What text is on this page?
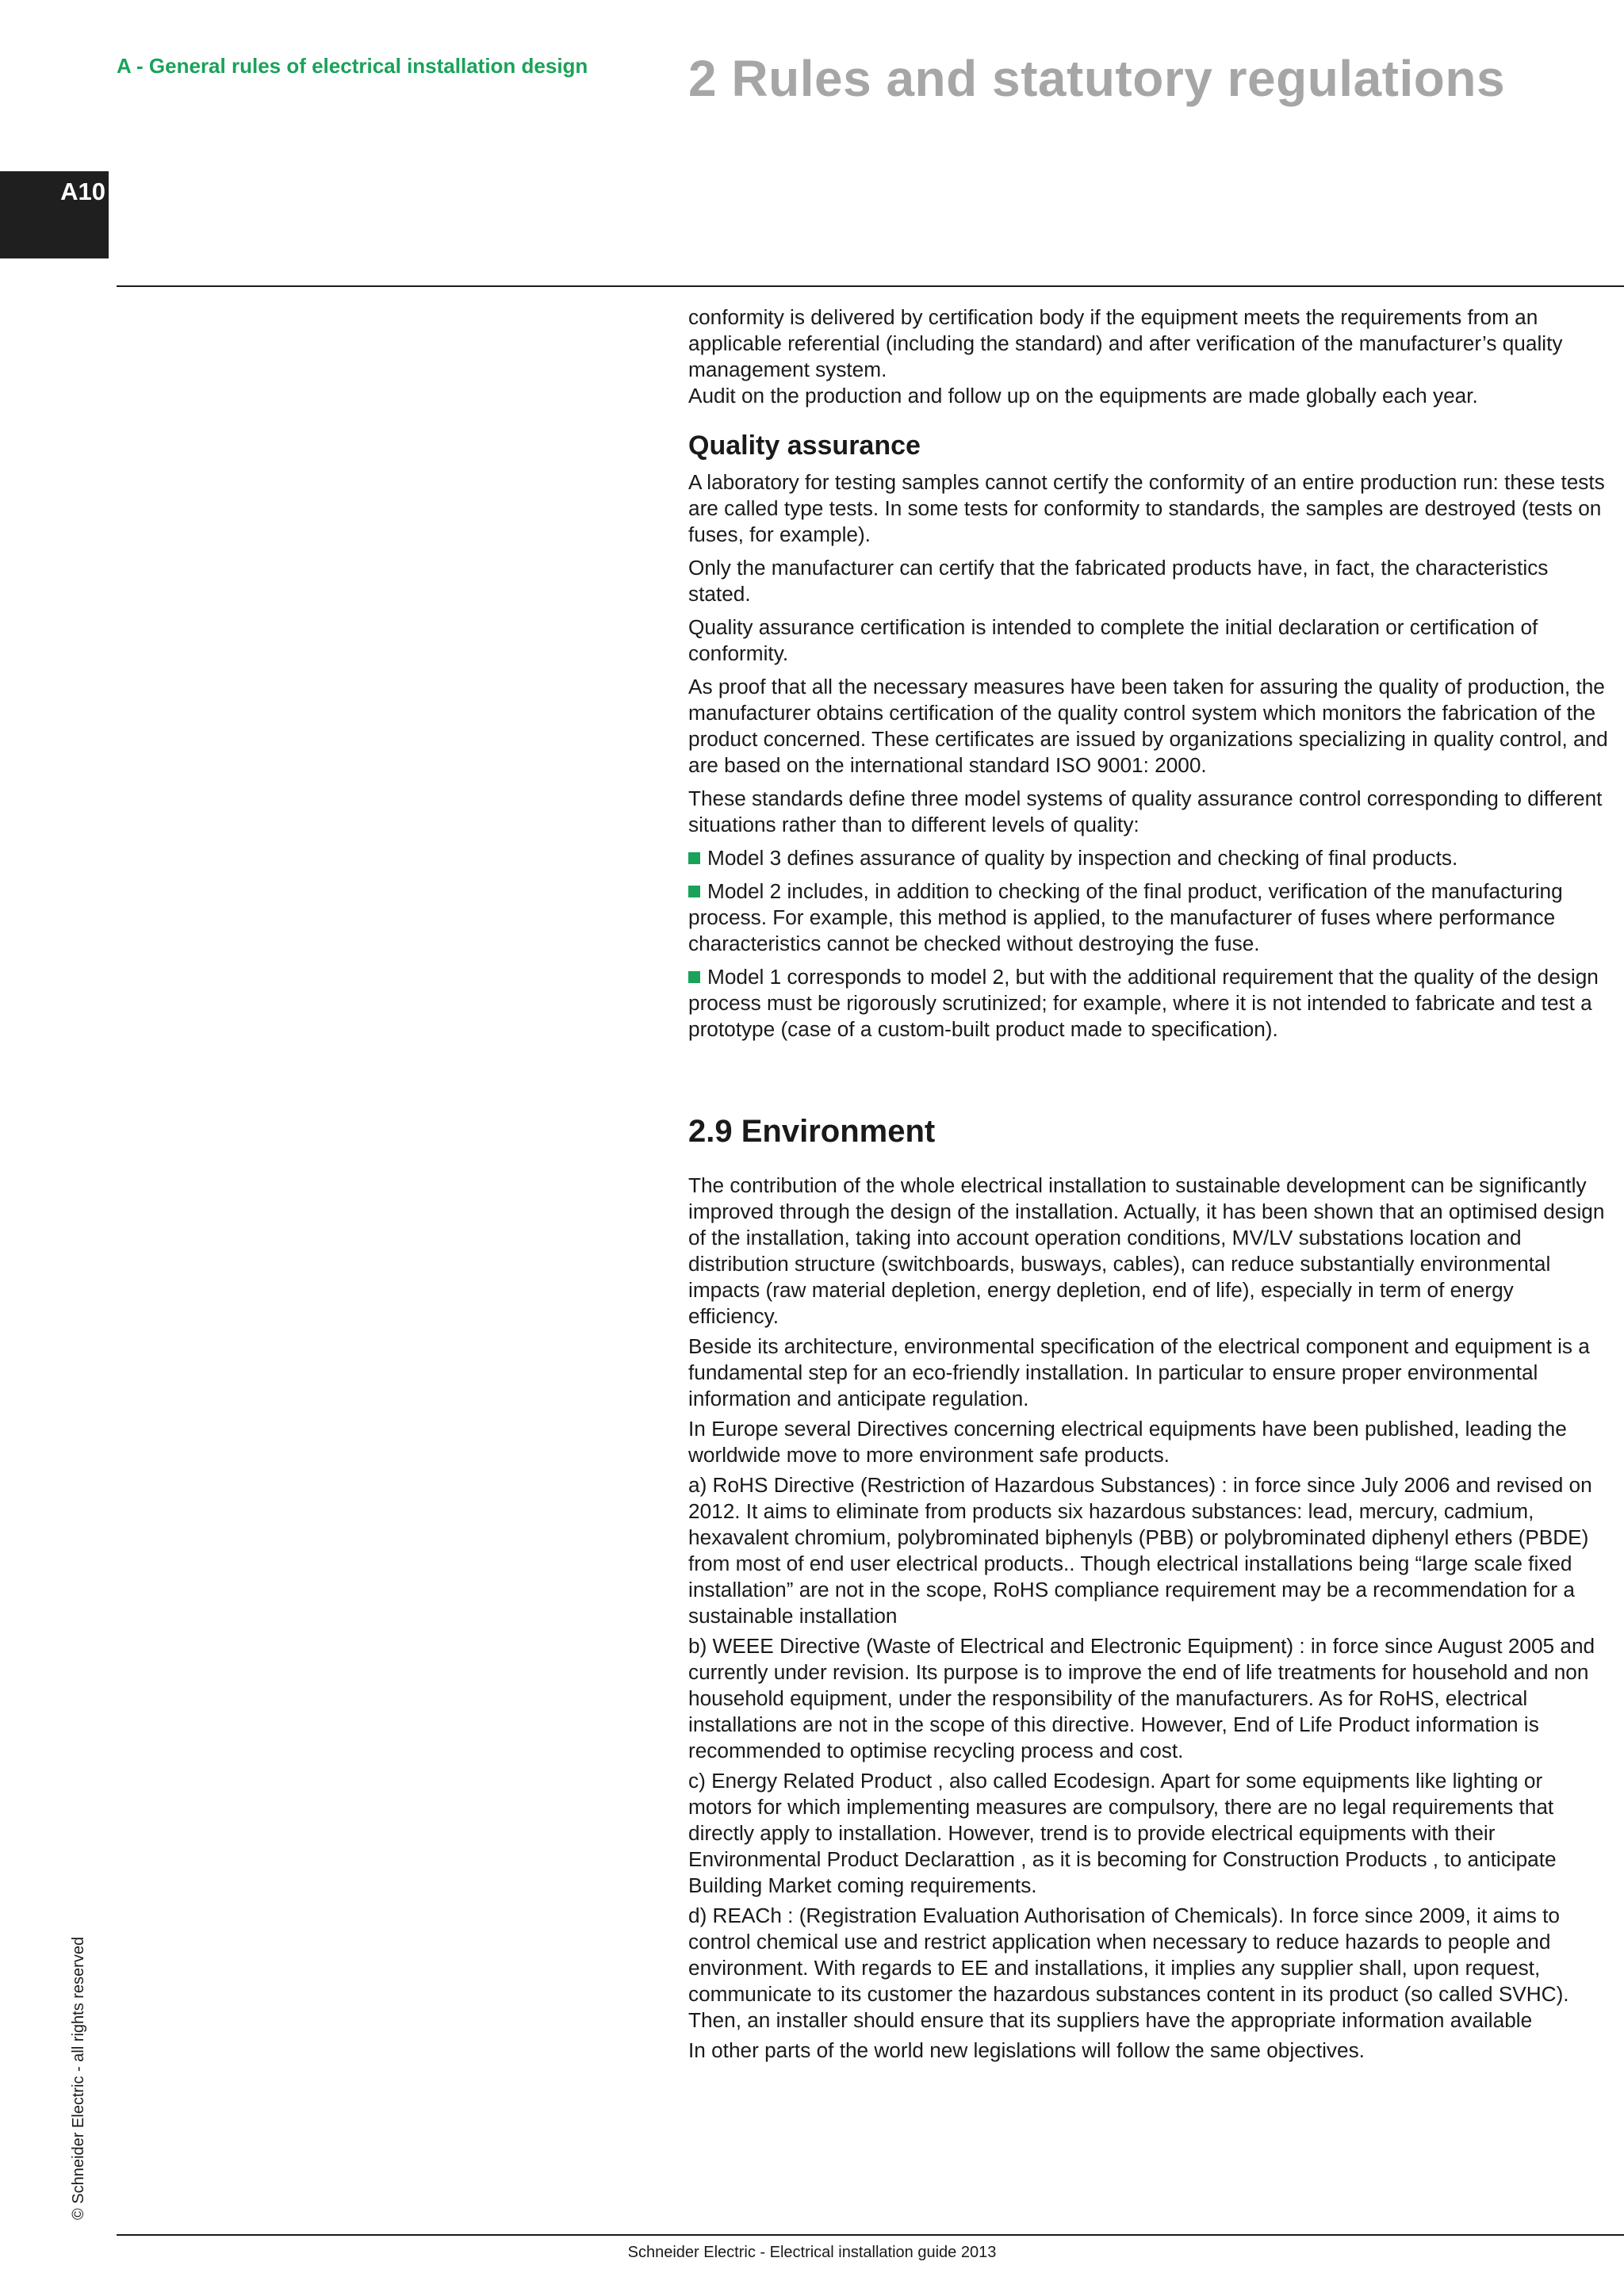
A - General rules of electrical installation design 2 Rules and statutory regulations
A10

conformity is delivered by certification body if the equipment meets the requirements from an applicable referential (including the standard) and after verification of the manufacturer’s quality management system.

Audit on the production and follow up on the equipments are made globally each year.

Quality assurance

A laboratory for testing samples cannot certify the conformity of an entire production run: these tests are called type tests. In some tests for conformity to standards, the samples are destroyed (tests on fuses, for example).

Only the manufacturer can certify that the fabricated products have, in fact, the characteristics stated.

Quality assurance certification is intended to complete the initial declaration or certification of conformity.

As proof that all the necessary measures have been taken for assuring the quality of production, the manufacturer obtains certification of the quality control system which monitors the fabrication of the product concerned. These certificates are issued by organizations specializing in quality control, and are based on the international standard ISO 9001: 2000.

These standards define three model systems of quality assurance control corresponding to different situations rather than to different levels of quality:

Model 3 defines assurance of quality by inspection and checking of final products.

Model 2 includes, in addition to checking of the final product, verification of the manufacturing process. For example, this method is applied, to the manufacturer of fuses where performance characteristics cannot be checked without destroying the fuse.

Model 1 corresponds to model 2, but with the additional requirement that the quality of the design process must be rigorously scrutinized; for example, where it is not intended to fabricate and test a prototype (case of a custom-built product made to specification).

2.9 Environment

The contribution of the whole electrical installation to sustainable development can be significantly improved through the design of the installation. Actually, it has been shown that an optimised design of the installation, taking into account operation conditions, MV/LV substations location and distribution structure (switchboards, busways, cables), can reduce substantially environmental impacts (raw material depletion, energy depletion, end of life), especially in term of energy efficiency.

Beside its architecture, environmental specification of the electrical component and equipment is a fundamental step for an eco-friendly installation. In particular to ensure proper environmental information and anticipate regulation.

In Europe several Directives concerning electrical equipments have been published, leading the worldwide move to more environment safe products.

a) RoHS Directive (Restriction of Hazardous Substances) : in force since July 2006 and revised on 2012. It aims to eliminate from products six hazardous substances: lead, mercury, cadmium, hexavalent chromium, polybrominated biphenyls (PBB) or polybrominated diphenyl ethers (PBDE) from most of end user electrical products.. Though electrical installations being “large scale fixed installation” are not in the scope, RoHS compliance requirement may be a recommendation for a sustainable installation

b) WEEE Directive (Waste of Electrical and Electronic Equipment) : in force since August 2005 and currently under revision. Its purpose is to improve the end of life treatments for household and non household equipment, under the responsibility of the manufacturers. As for RoHS, electrical installations are not in the scope of this directive. However, End of Life Product information is recommended to optimise recycling process and cost.

c) Energy Related Product , also called Ecodesign. Apart for some equipments like lighting or motors for which implementing measures are compulsory, there are no legal requirements that directly apply to installation. However, trend is to provide electrical equipments with their Environmental Product Declarattion , as it is becoming for Construction Products , to anticipate Building Market coming requirements.

d) REACh : (Registration Evaluation Authorisation of Chemicals). In force since 2009, it aims to control chemical use and restrict application when necessary to reduce hazards to people and environment. With regards to EE and installations, it implies any supplier shall, upon request, communicate to its customer the hazardous substances content in its product (so called SVHC). Then, an installer should ensure that its suppliers have the appropriate information available

In other parts of the world new legislations will follow the same objectives.

© Schneider Electric - all rights reserved
Schneider Electric - Electrical installation guide 2013
